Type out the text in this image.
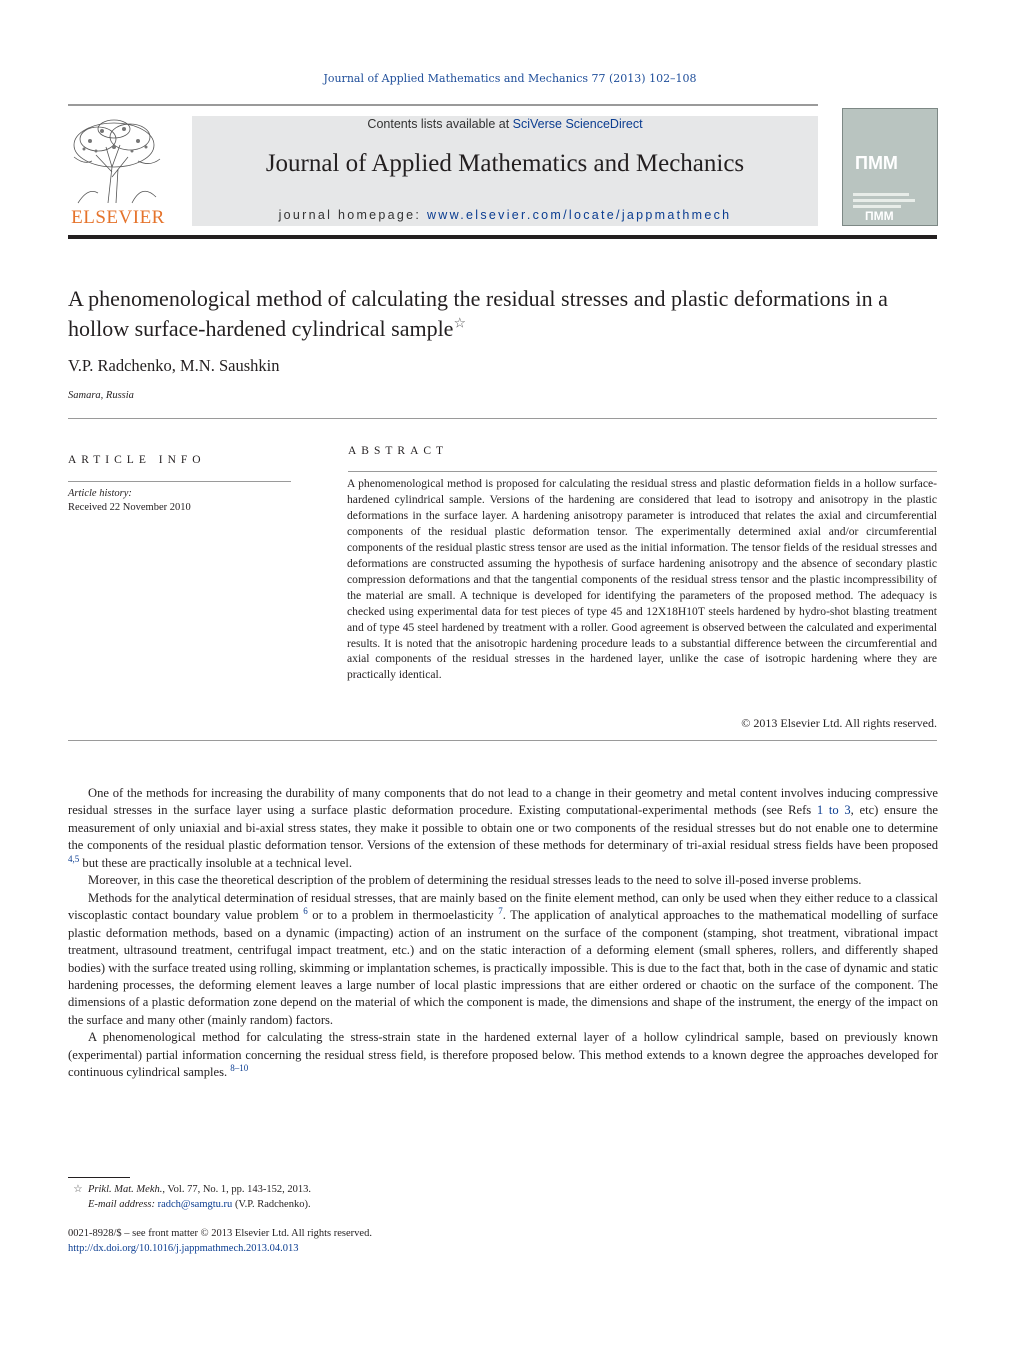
Journal of Applied Mathematics and Mechanics 77 (2013) 102–108
ELSEVIER
Contents lists available at SciVerse ScienceDirect
Journal of Applied Mathematics and Mechanics
journal homepage: www.elsevier.com/locate/jappmathmech
ПММ
ПММ
A phenomenological method of calculating the residual stresses and plastic deformations in a hollow surface-hardened cylindrical sample☆
V.P. Radchenko, M.N. Saushkin
Samara, Russia
ARTICLE INFO
Article history:
Received 22 November 2010
ABSTRACT
A phenomenological method is proposed for calculating the residual stress and plastic deformation fields in a hollow surface-hardened cylindrical sample. Versions of the hardening are considered that lead to isotropy and anisotropy in the plastic deformations in the surface layer. A hardening anisotropy parameter is introduced that relates the axial and circumferential components of the residual plastic deformation tensor. The experimentally determined axial and/or circumferential components of the residual plastic stress tensor are used as the initial information. The tensor fields of the residual stresses and deformations are constructed assuming the hypothesis of surface hardening anisotropy and the absence of secondary plastic compression deformations and that the tangential components of the residual stress tensor and the plastic incompressibility of the material are small. A technique is developed for identifying the parameters of the proposed method. The adequacy is checked using experimental data for test pieces of type 45 and 12X18H10T steels hardened by hydro-shot blasting treatment and of type 45 steel hardened by treatment with a roller. Good agreement is observed between the calculated and experimental results. It is noted that the anisotropic hardening procedure leads to a substantial difference between the circumferential and axial components of the residual stresses in the hardened layer, unlike the case of isotropic hardening where they are practically identical.
© 2013 Elsevier Ltd. All rights reserved.

One of the methods for increasing the durability of many components that do not lead to a change in their geometry and metal content involves inducing compressive residual stresses in the surface layer using a surface plastic deformation procedure. Existing computational-experimental methods (see Refs 1 to 3, etc) ensure the measurement of only uniaxial and bi-axial stress states, they make it possible to obtain one or two components of the residual stresses but do not enable one to determine the components of the residual plastic deformation tensor. Versions of the extension of these methods for determinary of tri-axial residual stress fields have been proposed $^{4,5}$ but these are practically insoluble at a technical level.

Moreover, in this case the theoretical description of the problem of determining the residual stresses leads to the need to solve ill-posed inverse problems.

Methods for the analytical determination of residual stresses, that are mainly based on the finite element method, can only be used when they either reduce to a classical viscoplastic contact boundary value problem $^6$ or to a problem in thermoelasticity $^7$. The application of analytical approaches to the mathematical modelling of surface plastic deformation methods, based on a dynamic (impacting) action of an instrument on the surface of the component (stamping, shot treatment, vibrational impact treatment, ultrasound treatment, centrifugal impact treatment, etc.) and on the static interaction of a deforming element (small spheres, rollers, and differently shaped bodies) with the surface treated using rolling, skimming or implantation schemes, is practically impossible. This is due to the fact that, both in the case of dynamic and static hardening processes, the deforming element leaves a large number of local plastic impressions that are either ordered or chaotic on the surface of the component. The dimensions of a plastic deformation zone depend on the material of which the component is made, the dimensions and shape of the instrument, the energy of the impact on the surface and many other (mainly random) factors.

A phenomenological method for calculating the stress-strain state in the hardened external layer of a hollow cylindrical sample, based on previously known (experimental) partial information concerning the residual stress field, is therefore proposed below. This method extends to a known degree the approaches developed for continuous cylindrical samples. $^{8-10}$

☆ Prikl. Mat. Mekh., Vol. 77, No. 1, pp. 143-152, 2013.
E-mail address: radch@samgtu.ru (V.P. Radchenko).
0021-8928/$ – see front matter © 2013 Elsevier Ltd. All rights reserved.
http://dx.doi.org/10.1016/j.jappmathmech.2013.04.013
